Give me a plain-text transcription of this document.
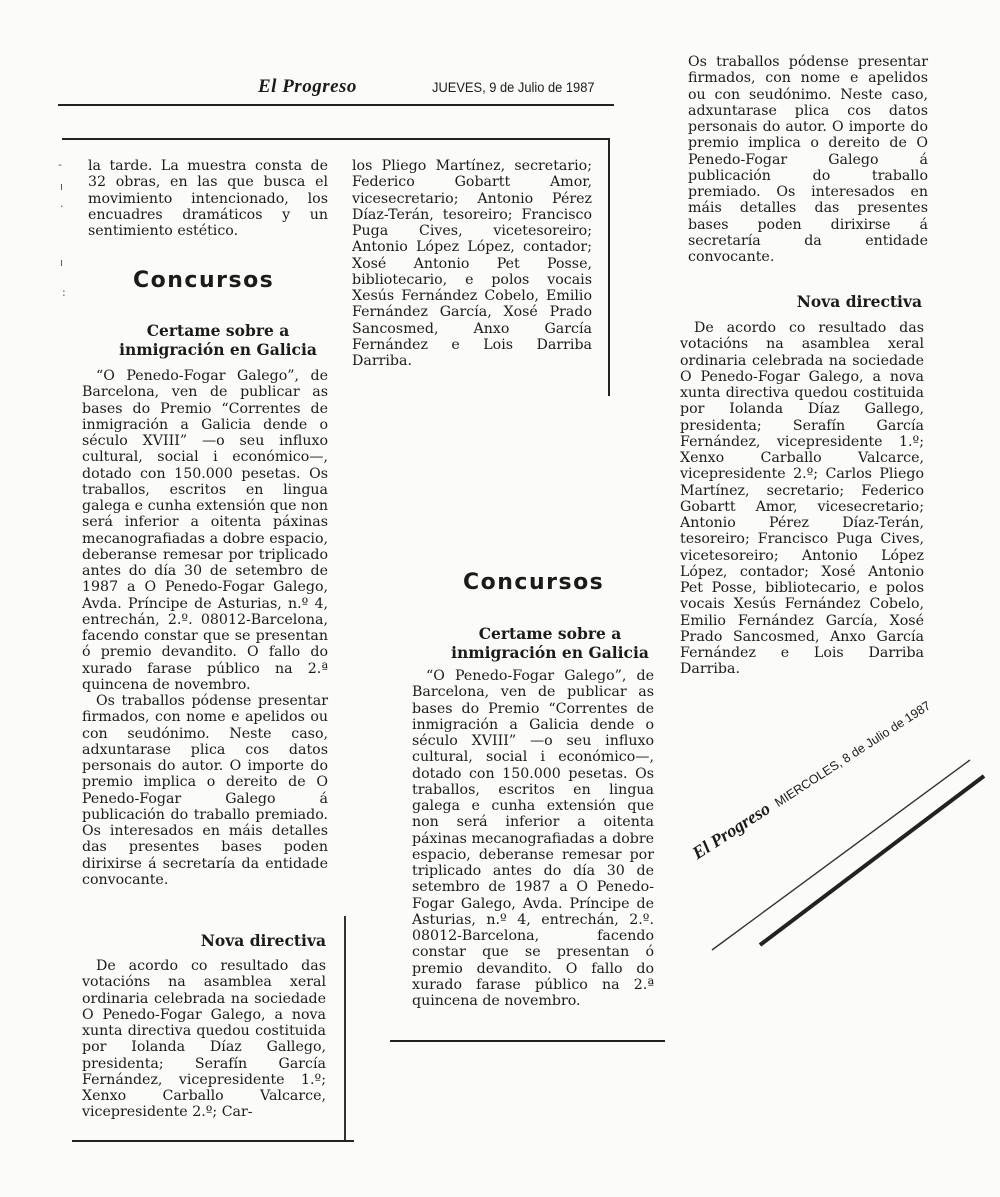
El Progreso	JUEVES, 9 de Julio de 1987
-
ı
·
ı
:

la tarde. La muestra consta de 32 obras, en las que busca el movimiento intencionado, los encuadres dramáticos y un sentimiento estético.

Concursos
Certame sobre a inmigración en Galicia

“O Penedo-Fogar Galego”, de Barcelona, ven de publicar as bases do Premio “Correntes de inmigración a Galicia dende o século XVIII” —o seu influxo cultural, social i económico—, dotado con 150.000 pesetas. Os traballos, escritos en lingua galega e cunha extensión que non será inferior a oitenta páxinas mecanografiadas a dobre espacio, deberanse remesar por triplicado antes do día 30 de setembro de 1987 a O Penedo-Fogar Galego, Avda. Príncipe de Asturias, n.º 4, entrechán, 2.º. 08012-Barcelona, facendo constar que se presentan ó premio devandito. O fallo do xurado farase público na 2.ª quincena de novembro.

Os traballos pódense presentar firmados, con nome e apelidos ou con seudónimo. Neste caso, adxuntarase plica cos datos personais do autor. O importe do premio implica o dereito de O Penedo-Fogar Galego á publicación do traballo premiado. Os interesados en máis detalles das presentes bases poden dirixirse á secretaría da entidade convocante.

Nova directiva

De acordo co resultado das votacións na asamblea xeral ordinaria celebrada na sociedade O Penedo-Fogar Galego, a nova xunta directiva quedou costituida por Iolanda Díaz Gallego, presidenta; Serafín García Fernández, vicepresidente 1.º; Xenxo Carballo Valcarce, vicepresidente 2.º; Car-

los Pliego Martínez, secretario; Federico Gobartt Amor, vicesecretario; Antonio Pérez Díaz-Terán, tesoreiro; Francisco Puga Cives, vicetesoreiro; Antonio López López, contador; Xosé Antonio Pet Posse, bibliotecario, e polos vocais Xesús Fernández Cobelo, Emilio Fernández García, Xosé Prado Sancosmed, Anxo García Fernández e Lois Darriba Darriba.

Concursos
Certame sobre a inmigración en Galicia

“O Penedo-Fogar Galego”, de Barcelona, ven de publicar as bases do Premio “Correntes de inmigración a Galicia dende o século XVIII” —o seu influxo cultural, social i económico—, dotado con 150.000 pesetas. Os traballos, escritos en lingua galega e cunha extensión que non será inferior a oitenta páxinas mecanografiadas a dobre espacio, deberanse remesar por triplicado antes do día 30 de setembro de 1987 a O Penedo-Fogar Galego, Avda. Príncipe de Asturias, n.º 4, entrechán, 2.º. 08012-Barcelona, facendo constar que se presentan ó premio devandito. O fallo do xurado farase público na 2.ª quincena de novembro.

Os traballos pódense presentar firmados, con nome e apelidos ou con seudónimo. Neste caso, adxuntarase plica cos datos personais do autor. O importe do premio implica o dereito de O Penedo-Fogar Galego á publicación do traballo premiado. Os interesados en máis detalles das presentes bases poden dirixirse á secretaría da entidade convocante.

Nova directiva

De acordo co resultado das votacións na asamblea xeral ordinaria celebrada na sociedade O Penedo-Fogar Galego, a nova xunta directiva quedou costituida por Iolanda Díaz Gallego, presidenta; Serafín García Fernández, vicepresidente 1.º; Xenxo Carballo Valcarce, vicepresidente 2.º; Carlos Pliego Martínez, secretario; Federico Gobartt Amor, vicesecretario; Antonio Pérez Díaz-Terán, tesoreiro; Francisco Puga Cives, vicetesoreiro; Antonio López López, contador; Xosé Antonio Pet Posse, bibliotecario, e polos vocais Xesús Fernández Cobelo, Emilio Fernández García, Xosé Prado Sancosmed, Anxo García Fernández e Lois Darriba Darriba.

El ProgresoMIERCOLES, 8 de Julio de 1987
